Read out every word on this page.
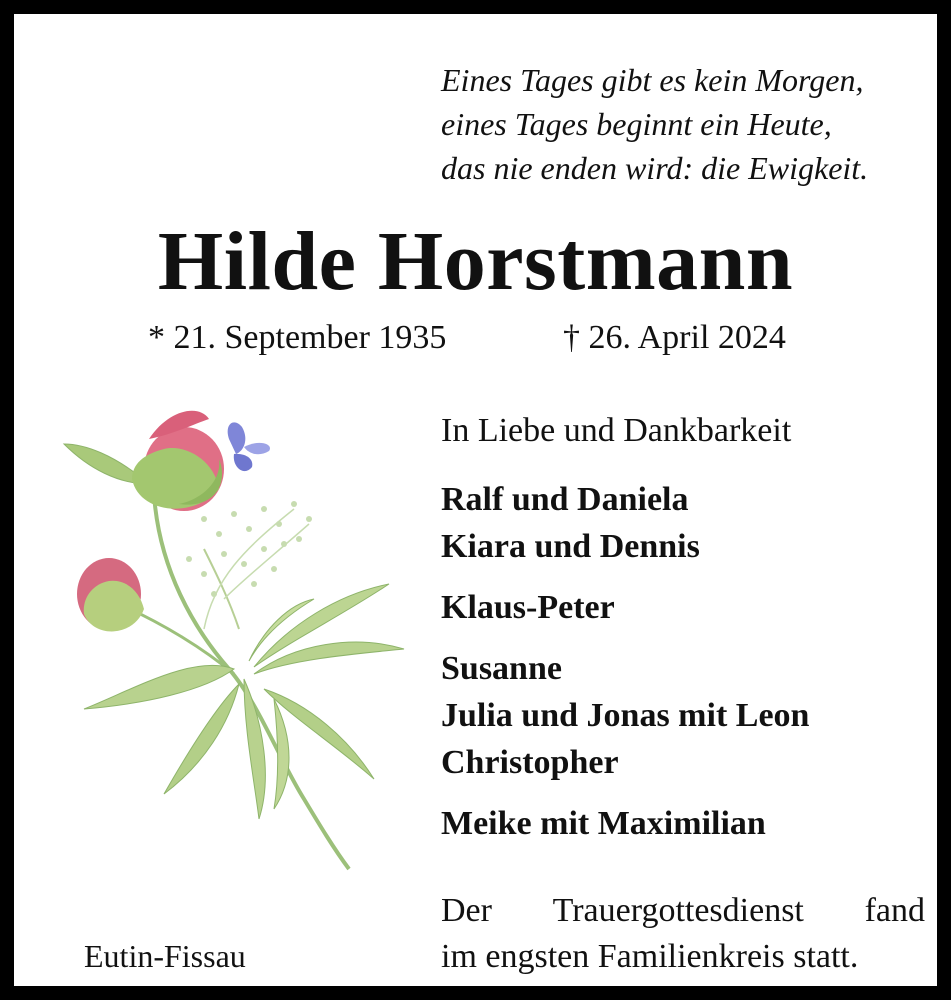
Eines Tages gibt es kein Morgen,
eines Tages beginnt ein Heute,
das nie enden wird: die Ewigkeit.
Hilde Horstmann
* 21. September 1935	† 26. April 2024
In Liebe und Dankbarkeit
Ralf und Daniela
Kiara und Dennis
Klaus-Peter
Susanne
Julia und Jonas mit Leon
Christopher
Meike mit Maximilian
Der Trauergottesdienst fand
im engsten Familienkreis statt.
Eutin-Fissau
